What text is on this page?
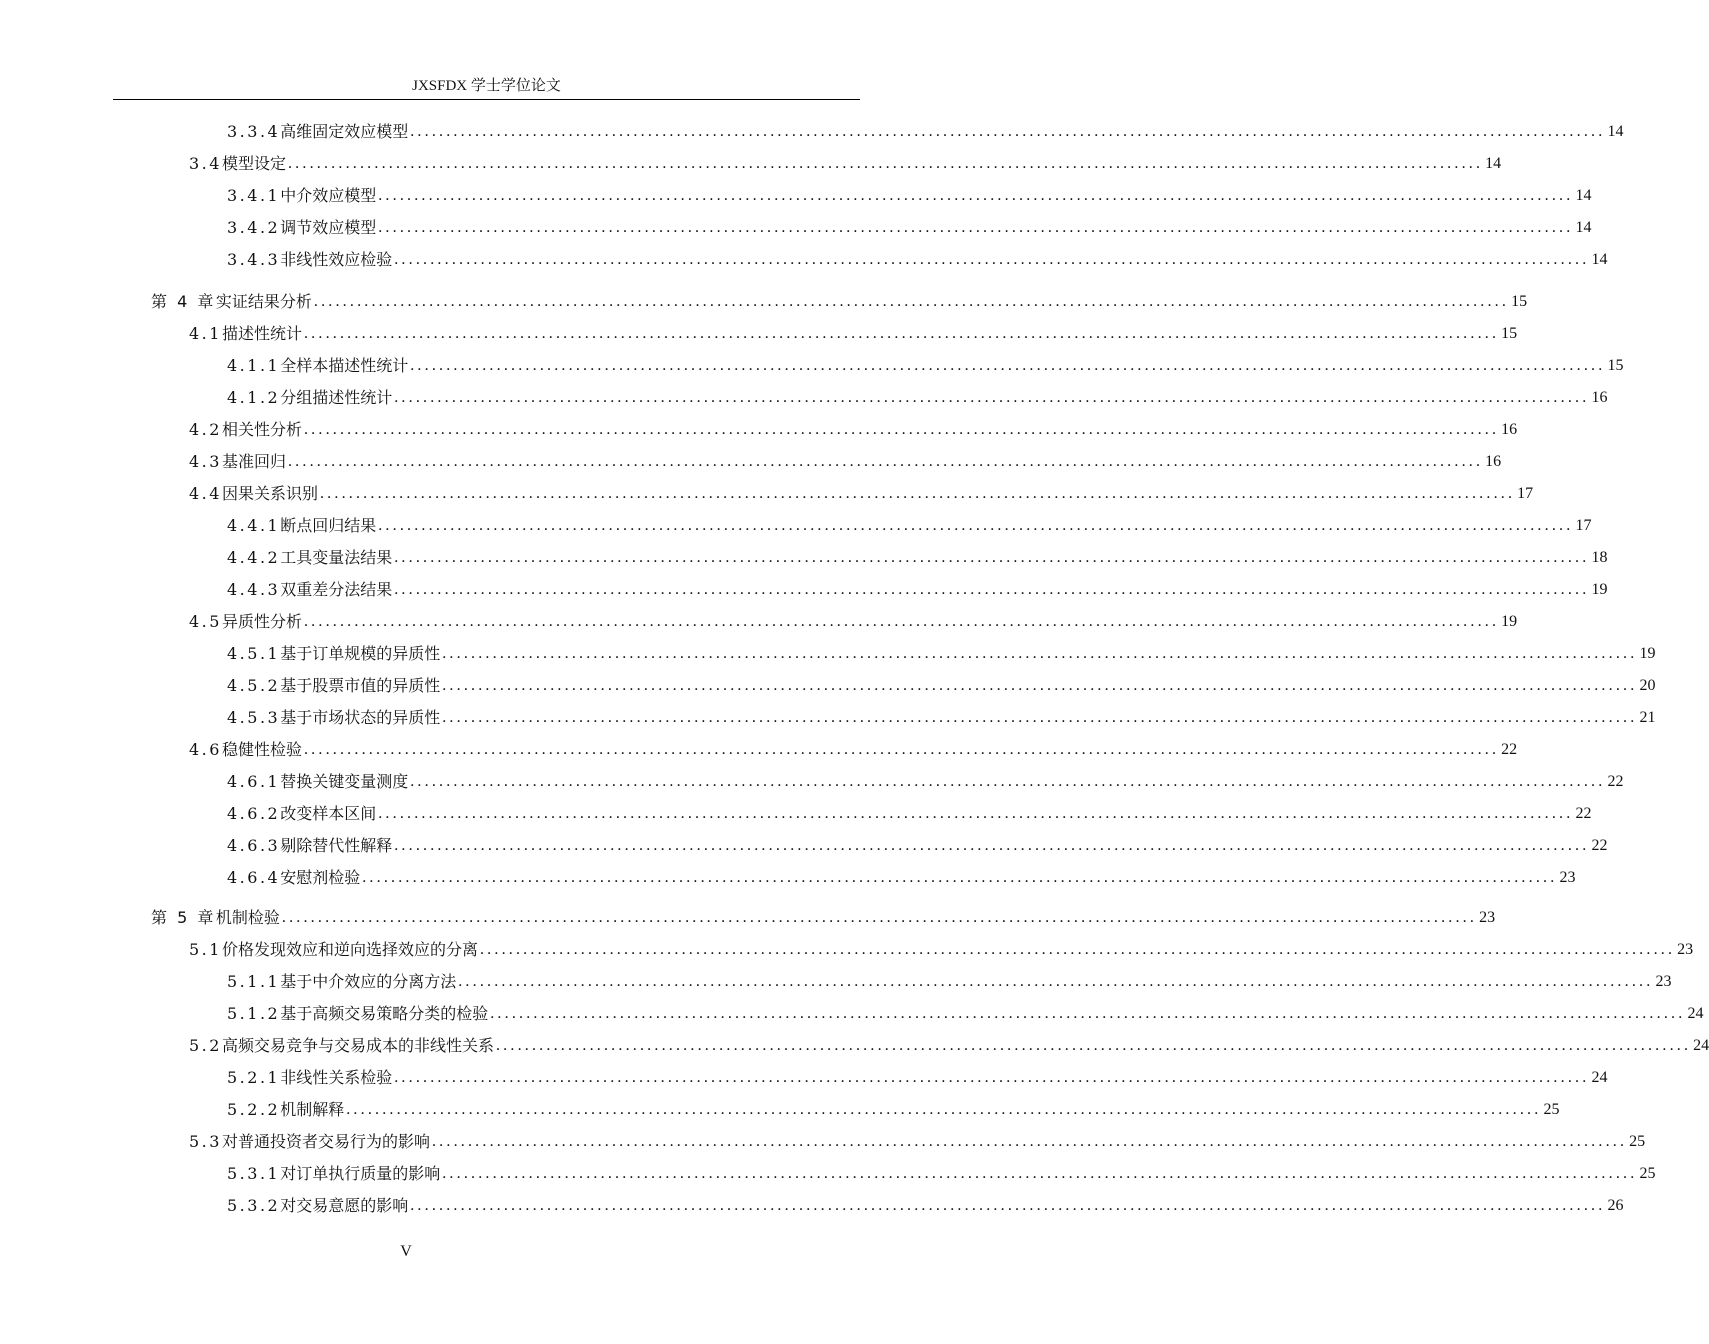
JXSFDX 学士学位论文
3.3.4 高维固定效应模型 ...................................................................................................................................................................... 14
3.4 模型设定 ...................................................................................................................................................................... 14
3.4.1 中介效应模型 ...................................................................................................................................................................... 14
3.4.2 调节效应模型 ...................................................................................................................................................................... 14
3.4.3 非线性效应检验 ...................................................................................................................................................................... 14
第 4 章 实证结果分析 ...................................................................................................................................................................... 15
4.1 描述性统计 ...................................................................................................................................................................... 15
4.1.1 全样本描述性统计 ...................................................................................................................................................................... 15
4.1.2 分组描述性统计 ...................................................................................................................................................................... 16
4.2 相关性分析 ...................................................................................................................................................................... 16
4.3 基准回归 ...................................................................................................................................................................... 16
4.4 因果关系识别 ...................................................................................................................................................................... 17
4.4.1 断点回归结果 ...................................................................................................................................................................... 17
4.4.2 工具变量法结果 ...................................................................................................................................................................... 18
4.4.3 双重差分法结果 ...................................................................................................................................................................... 19
4.5 异质性分析 ...................................................................................................................................................................... 19
4.5.1 基于订单规模的异质性 ...................................................................................................................................................................... 19
4.5.2 基于股票市值的异质性 ...................................................................................................................................................................... 20
4.5.3 基于市场状态的异质性 ...................................................................................................................................................................... 21
4.6 稳健性检验 ...................................................................................................................................................................... 22
4.6.1 替换关键变量测度 ...................................................................................................................................................................... 22
4.6.2 改变样本区间 ...................................................................................................................................................................... 22
4.6.3 剔除替代性解释 ...................................................................................................................................................................... 22
4.6.4 安慰剂检验 ...................................................................................................................................................................... 23
第 5 章 机制检验 ...................................................................................................................................................................... 23
5.1 价格发现效应和逆向选择效应的分离 ...................................................................................................................................................................... 23
5.1.1 基于中介效应的分离方法 ...................................................................................................................................................................... 23
5.1.2 基于高频交易策略分类的检验 ...................................................................................................................................................................... 24
5.2 高频交易竞争与交易成本的非线性关系 ...................................................................................................................................................................... 24
5.2.1 非线性关系检验 ...................................................................................................................................................................... 24
5.2.2 机制解释 ...................................................................................................................................................................... 25
5.3 对普通投资者交易行为的影响 ...................................................................................................................................................................... 25
5.3.1 对订单执行质量的影响 ...................................................................................................................................................................... 25
5.3.2 对交易意愿的影响 ...................................................................................................................................................................... 26
V
